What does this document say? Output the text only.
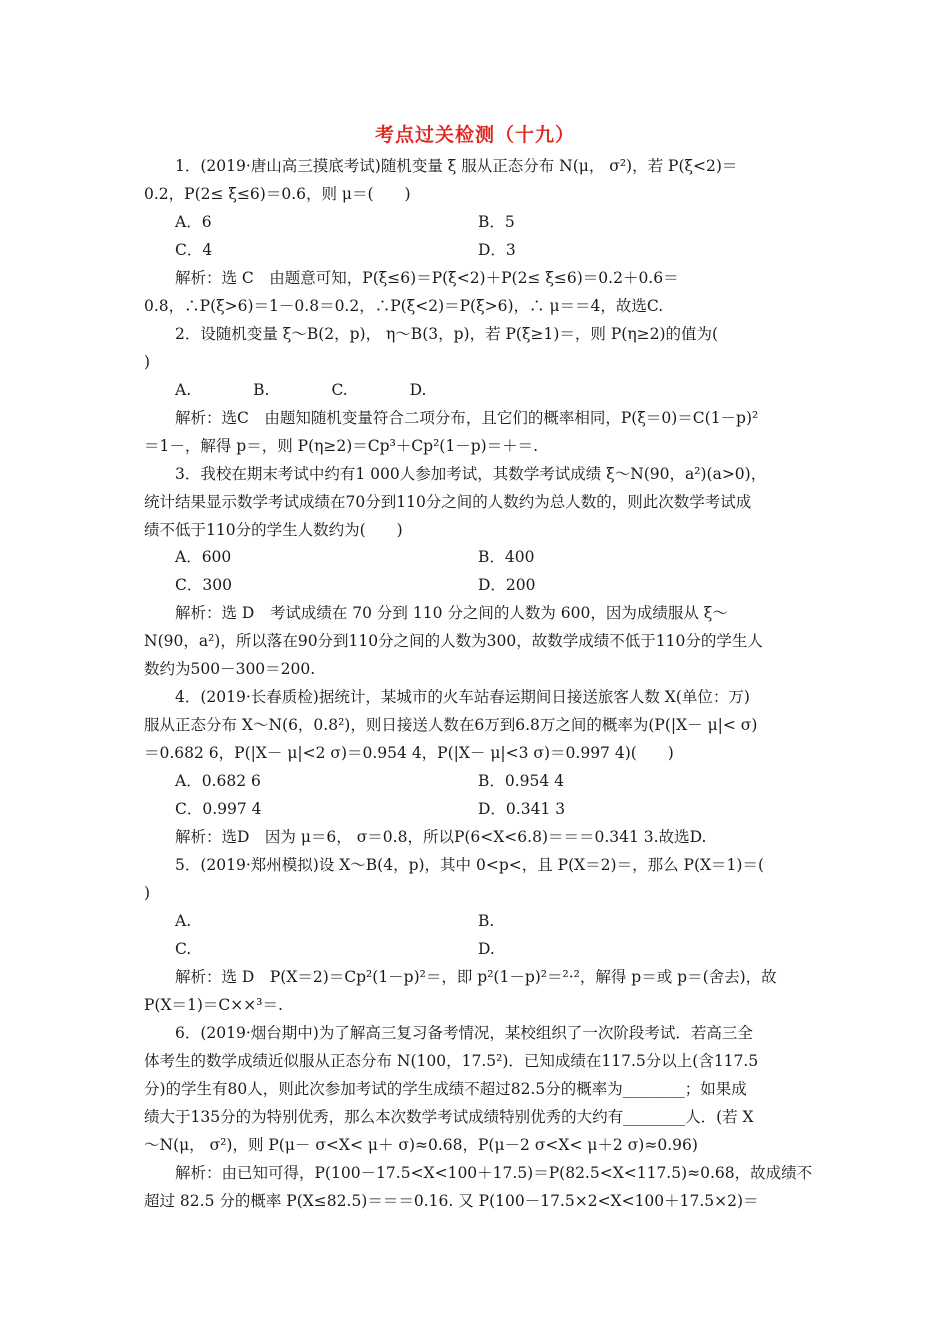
考点过关检测（十九）
1．(2019·唐山高三摸底考试)随机变量 ξ 服从正态分布 N(μ， σ²)，若 P(ξ<2)＝
0.2，P(2≤ ξ≤6)＝0.6，则 μ＝(　　)
A．6	B．5
C．4	D．3
解析：选 C　由题意可知，P(ξ≤6)＝P(ξ<2)＋P(2≤ ξ≤6)＝0.2＋0.6＝
0.8，∴P(ξ>6)＝1－0.8＝0.2，∴P(ξ<2)＝P(ξ>6)，∴ μ＝＝4，故选C.
2．设随机变量 ξ～B(2，p)， η～B(3，p)，若 P(ξ≥1)＝，则 P(η≥2)的值为(
)
A.　　　　B.　　　　C.　　　　D.
解析：选C　由题知随机变量符合二项分布，且它们的概率相同，P(ξ＝0)＝C(1－p)²
＝1－，解得 p＝，则 P(η≥2)＝Cp³＋Cp²(1－p)＝＋＝.
3．我校在期末考试中约有1 000人参加考试，其数学考试成绩 ξ～N(90，a²)(a>0)，
统计结果显示数学考试成绩在70分到110分之间的人数约为总人数的，则此次数学考试成
绩不低于110分的学生人数约为(　　)
A．600	B．400
C．300	D．200
解析：选 D　考试成绩在 70 分到 110 分之间的人数为 600，因为成绩服从 ξ～
N(90，a²)，所以落在90分到110分之间的人数为300，故数学成绩不低于110分的学生人
数约为500－300＝200.
4．(2019·长春质检)据统计，某城市的火车站春运期间日接送旅客人数 X(单位：万)
服从正态分布 X～N(6，0.8²)，则日接送人数在6万到6.8万之间的概率为(P(|X－ μ|< σ)
＝0.682 6，P(|X－ μ|<2 σ)＝0.954 4，P(|X－ μ|<3 σ)＝0.997 4)(　　)
A．0.682 6	B．0.954 4
C．0.997 4	D．0.341 3
解析：选D　因为 μ＝6， σ＝0.8，所以P(6<X<6.8)＝＝＝0.341 3.故选D.
5．(2019·郑州模拟)设 X～B(4，p)，其中 0<p<，且 P(X＝2)＝，那么 P(X＝1)＝(
)
A.	B.
C.	D.
解析：选 D　P(X＝2)＝Cp²(1－p)²＝，即 p²(1－p)²＝²·²，解得 p＝或 p＝(舍去)，故
P(X＝1)＝C××³＝.
6．(2019·烟台期中)为了解高三复习备考情况，某校组织了一次阶段考试．若高三全
体考生的数学成绩近似服从正态分布 N(100，17.5²)．已知成绩在117.5分以上(含117.5
分)的学生有80人，则此次参加考试的学生成绩不超过82.5分的概率为________；如果成
绩大于135分的为特别优秀，那么本次数学考试成绩特别优秀的大约有________人．(若 X
～N(μ， σ²)，则 P(μ－ σ<X< μ＋ σ)≈0.68，P(μ－2 σ<X< μ＋2 σ)≈0.96)
解析：由已知可得，P(100－17.5<X<100＋17.5)＝P(82.5<X<117.5)≈0.68，故成绩不
超过 82.5 分的概率 P(X≤82.5)＝＝＝0.16. 又 P(100－17.5×2<X<100＋17.5×2)＝
